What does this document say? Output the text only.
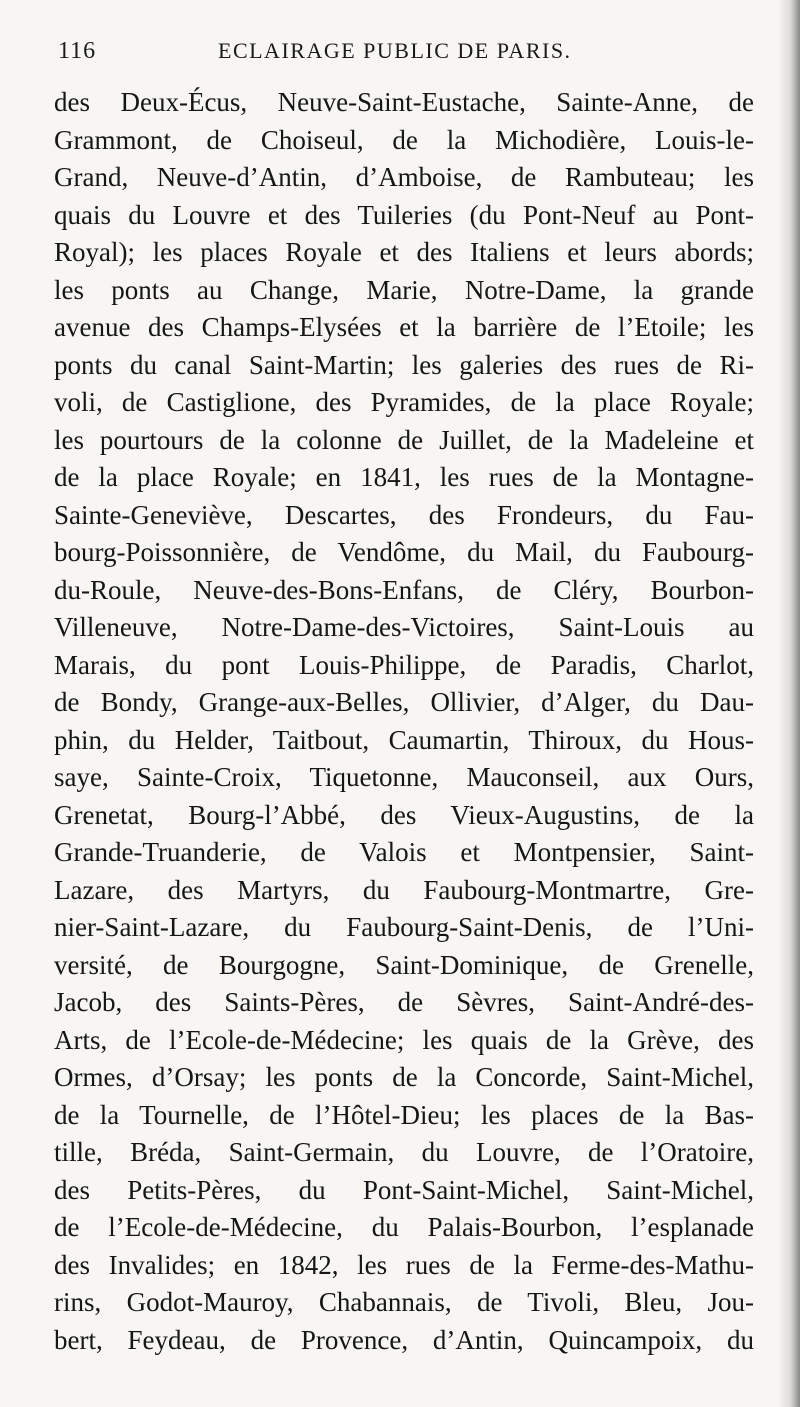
116	ECLAIRAGE PUBLIC DE PARIS.
des Deux-Écus, Neuve-Saint-Eustache, Sainte-Anne, de
Grammont, de Choiseul, de la Michodière, Louis-le-
Grand, Neuve-d’Antin, d’Amboise, de Rambuteau; les
quais du Louvre et des Tuileries (du Pont-Neuf au Pont-
Royal); les places Royale et des Italiens et leurs abords;
les ponts au Change, Marie, Notre-Dame, la grande
avenue des Champs-Elysées et la barrière de l’Etoile; les
ponts du canal Saint-Martin; les galeries des rues de Ri-
voli, de Castiglione, des Pyramides, de la place Royale;
les pourtours de la colonne de Juillet, de la Madeleine et
de la place Royale; en 1841, les rues de la Montagne-
Sainte-Geneviève, Descartes, des Frondeurs, du Fau-
bourg-Poissonnière, de Vendôme, du Mail, du Faubourg-
du-Roule, Neuve-des-Bons-Enfans, de Cléry, Bourbon-
Villeneuve, Notre-Dame-des-Victoires, Saint-Louis au
Marais, du pont Louis-Philippe, de Paradis, Charlot,
de Bondy, Grange-aux-Belles, Ollivier, d’Alger, du Dau-
phin, du Helder, Taitbout, Caumartin, Thiroux, du Hous-
saye, Sainte-Croix, Tiquetonne, Mauconseil, aux Ours,
Grenetat, Bourg-l’Abbé, des Vieux-Augustins, de la
Grande-Truanderie, de Valois et Montpensier, Saint-
Lazare, des Martyrs, du Faubourg-Montmartre, Gre-
nier-Saint-Lazare, du Faubourg-Saint-Denis, de l’Uni-
versité, de Bourgogne, Saint-Dominique, de Grenelle,
Jacob, des Saints-Pères, de Sèvres, Saint-André-des-
Arts, de l’Ecole-de-Médecine; les quais de la Grève, des
Ormes, d’Orsay; les ponts de la Concorde, Saint-Michel,
de la Tournelle, de l’Hôtel-Dieu; les places de la Bas-
tille, Bréda, Saint-Germain, du Louvre, de l’Oratoire,
des Petits-Pères, du Pont-Saint-Michel, Saint-Michel,
de l’Ecole-de-Médecine, du Palais-Bourbon, l’esplanade
des Invalides; en 1842, les rues de la Ferme-des-Mathu-
rins, Godot-Mauroy, Chabannais, de Tivoli, Bleu, Jou-
bert, Feydeau, de Provence, d’Antin, Quincampoix, du
